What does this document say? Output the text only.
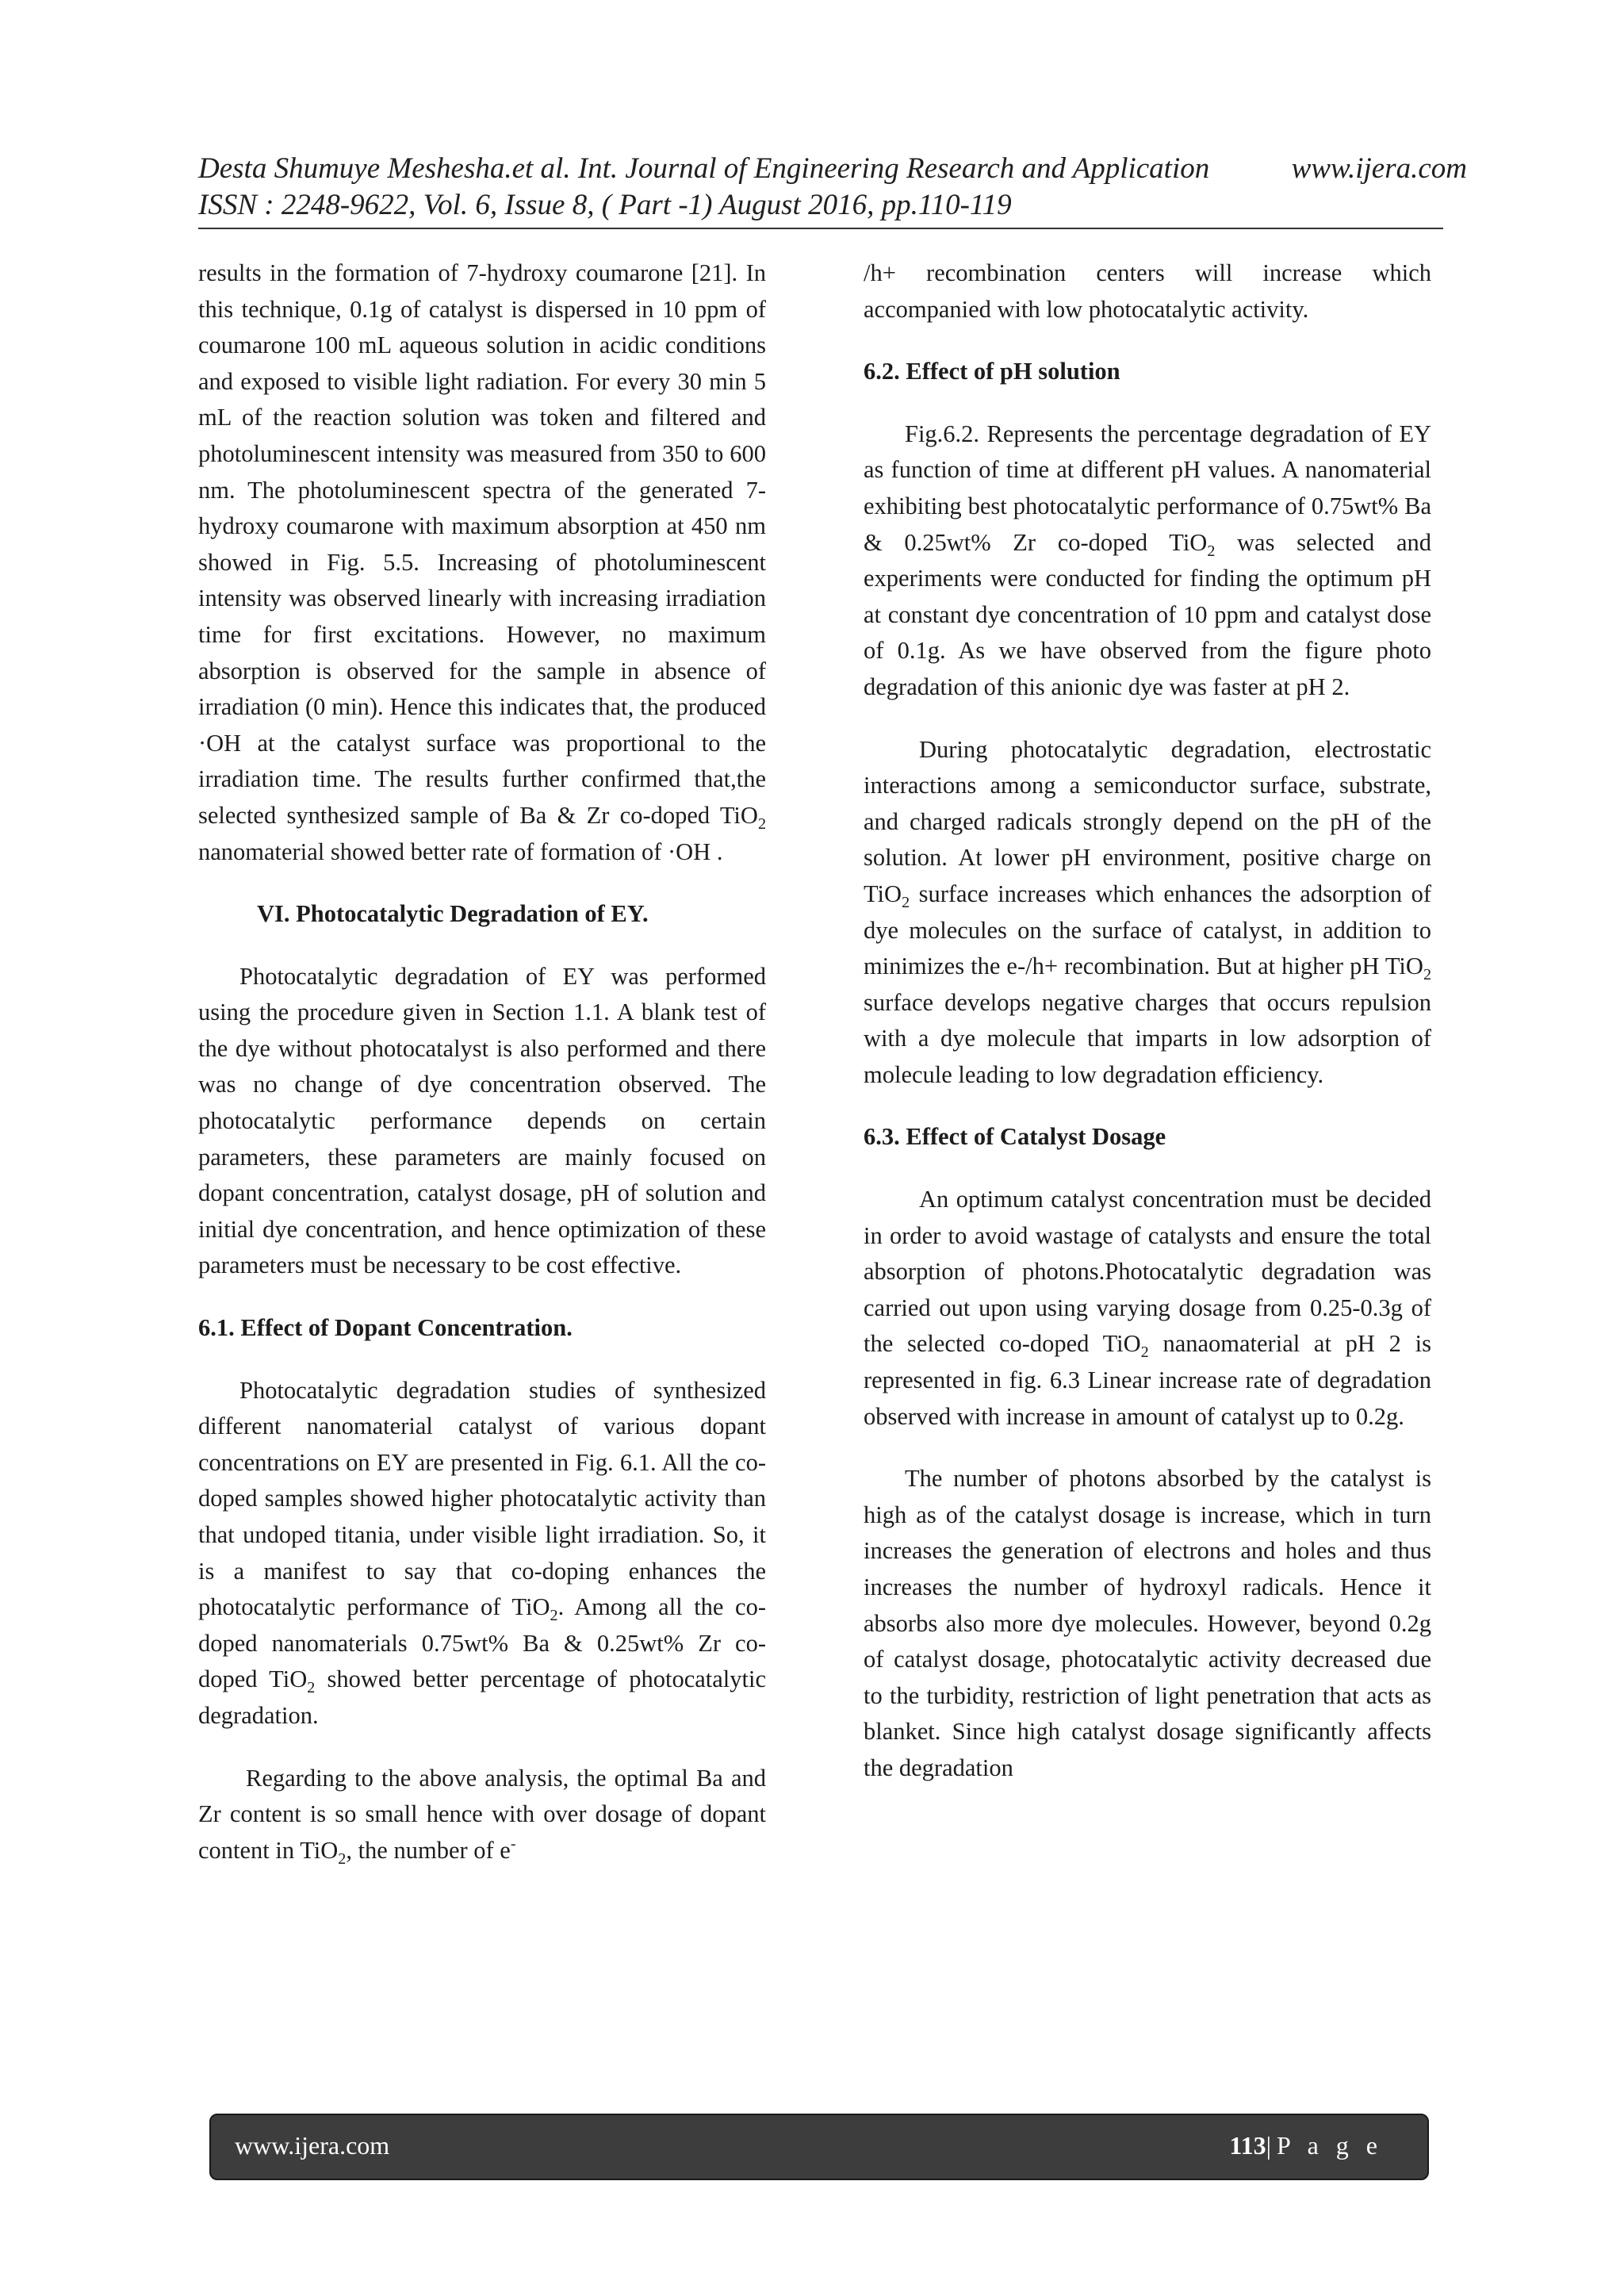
Desta Shumuye Meshesha.et al. Int. Journal of Engineering Research and Application	www.ijera.com
ISSN : 2248-9622, Vol. 6, Issue 8, ( Part -1) August 2016, pp.110-119

results in the formation of 7-hydroxy coumarone [21]. In this technique, 0.1g of catalyst is dispersed in 10 ppm of coumarone 100 mL aqueous solution in acidic conditions and exposed to visible light radiation. For every 30 min 5 mL of the reaction solution was token and filtered and photoluminescent intensity was measured from 350 to 600 nm. The photoluminescent spectra of the generated 7-hydroxy coumarone with maximum absorption at 450 nm showed in Fig. 5.5. Increasing of photoluminescent intensity was observed linearly with increasing irradiation time for first excitations. However, no maximum absorption is observed for the sample in absence of irradiation (0 min). Hence this indicates that, the produced ·OH at the catalyst surface was proportional to the irradiation time. The results further confirmed that,the selected synthesized sample of Ba & Zr co-doped TiO$_2$ nanomaterial showed better rate of formation of ·OH .

VI. Photocatalytic Degradation of EY.

Photocatalytic degradation of EY was performed using the procedure given in Section 1.1. A blank test of the dye without photocatalyst is also performed and there was no change of dye concentration observed. The photocatalytic performance depends on certain parameters, these parameters are mainly focused on dopant concentration, catalyst dosage, pH of solution and initial dye concentration, and hence optimization of these parameters must be necessary to be cost effective.

6.1. Effect of Dopant Concentration.

Photocatalytic degradation studies of synthesized different nanomaterial catalyst of various dopant concentrations on EY are presented in Fig. 6.1. All the co-doped samples showed higher photocatalytic activity than that undoped titania, under visible light irradiation. So, it is a manifest to say that co-doping enhances the photocatalytic performance of TiO$_2$. Among all the co-doped nanomaterials 0.75wt% Ba & 0.25wt% Zr co-doped TiO$_2$ showed better percentage of photocatalytic degradation.

Regarding to the above analysis, the optimal Ba and Zr content is so small hence with over dosage of dopant content in TiO$_2$, the number of e-

/h+ recombination centers will increase which accompanied with low photocatalytic activity.

6.2. Effect of pH solution

Fig.6.2. Represents the percentage degradation of EY as function of time at different pH values. A nanomaterial exhibiting best photocatalytic performance of 0.75wt% Ba & 0.25wt% Zr co-doped TiO$_2$ was selected and experiments were conducted for finding the optimum pH at constant dye concentration of 10 ppm and catalyst dose of 0.1g. As we have observed from the figure photo degradation of this anionic dye was faster at pH 2.

During photocatalytic degradation, electrostatic interactions among a semiconductor surface, substrate, and charged radicals strongly depend on the pH of the solution. At lower pH environment, positive charge on TiO$_2$ surface increases which enhances the adsorption of dye molecules on the surface of catalyst, in addition to minimizes the e-/h+ recombination. But at higher pH TiO$_2$ surface develops negative charges that occurs repulsion with a dye molecule that imparts in low adsorption of molecule leading to low degradation efficiency.

6.3. Effect of Catalyst Dosage

An optimum catalyst concentration must be decided in order to avoid wastage of catalysts and ensure the total absorption of photons.Photocatalytic degradation was carried out upon using varying dosage from 0.25-0.3g of the selected co-doped TiO$_2$ nanaomaterial at pH 2 is represented in fig. 6.3 Linear increase rate of degradation observed with increase in amount of catalyst up to 0.2g.

The number of photons absorbed by the catalyst is high as of the catalyst dosage is increase, which in turn increases the generation of electrons and holes and thus increases the number of hydroxyl radicals. Hence it absorbs also more dye molecules. However, beyond 0.2g of catalyst dosage, photocatalytic activity decreased due to the turbidity, restriction of light penetration that acts as blanket. Since high catalyst dosage significantly affects the degradation

www.ijera.com	113|P a g e
